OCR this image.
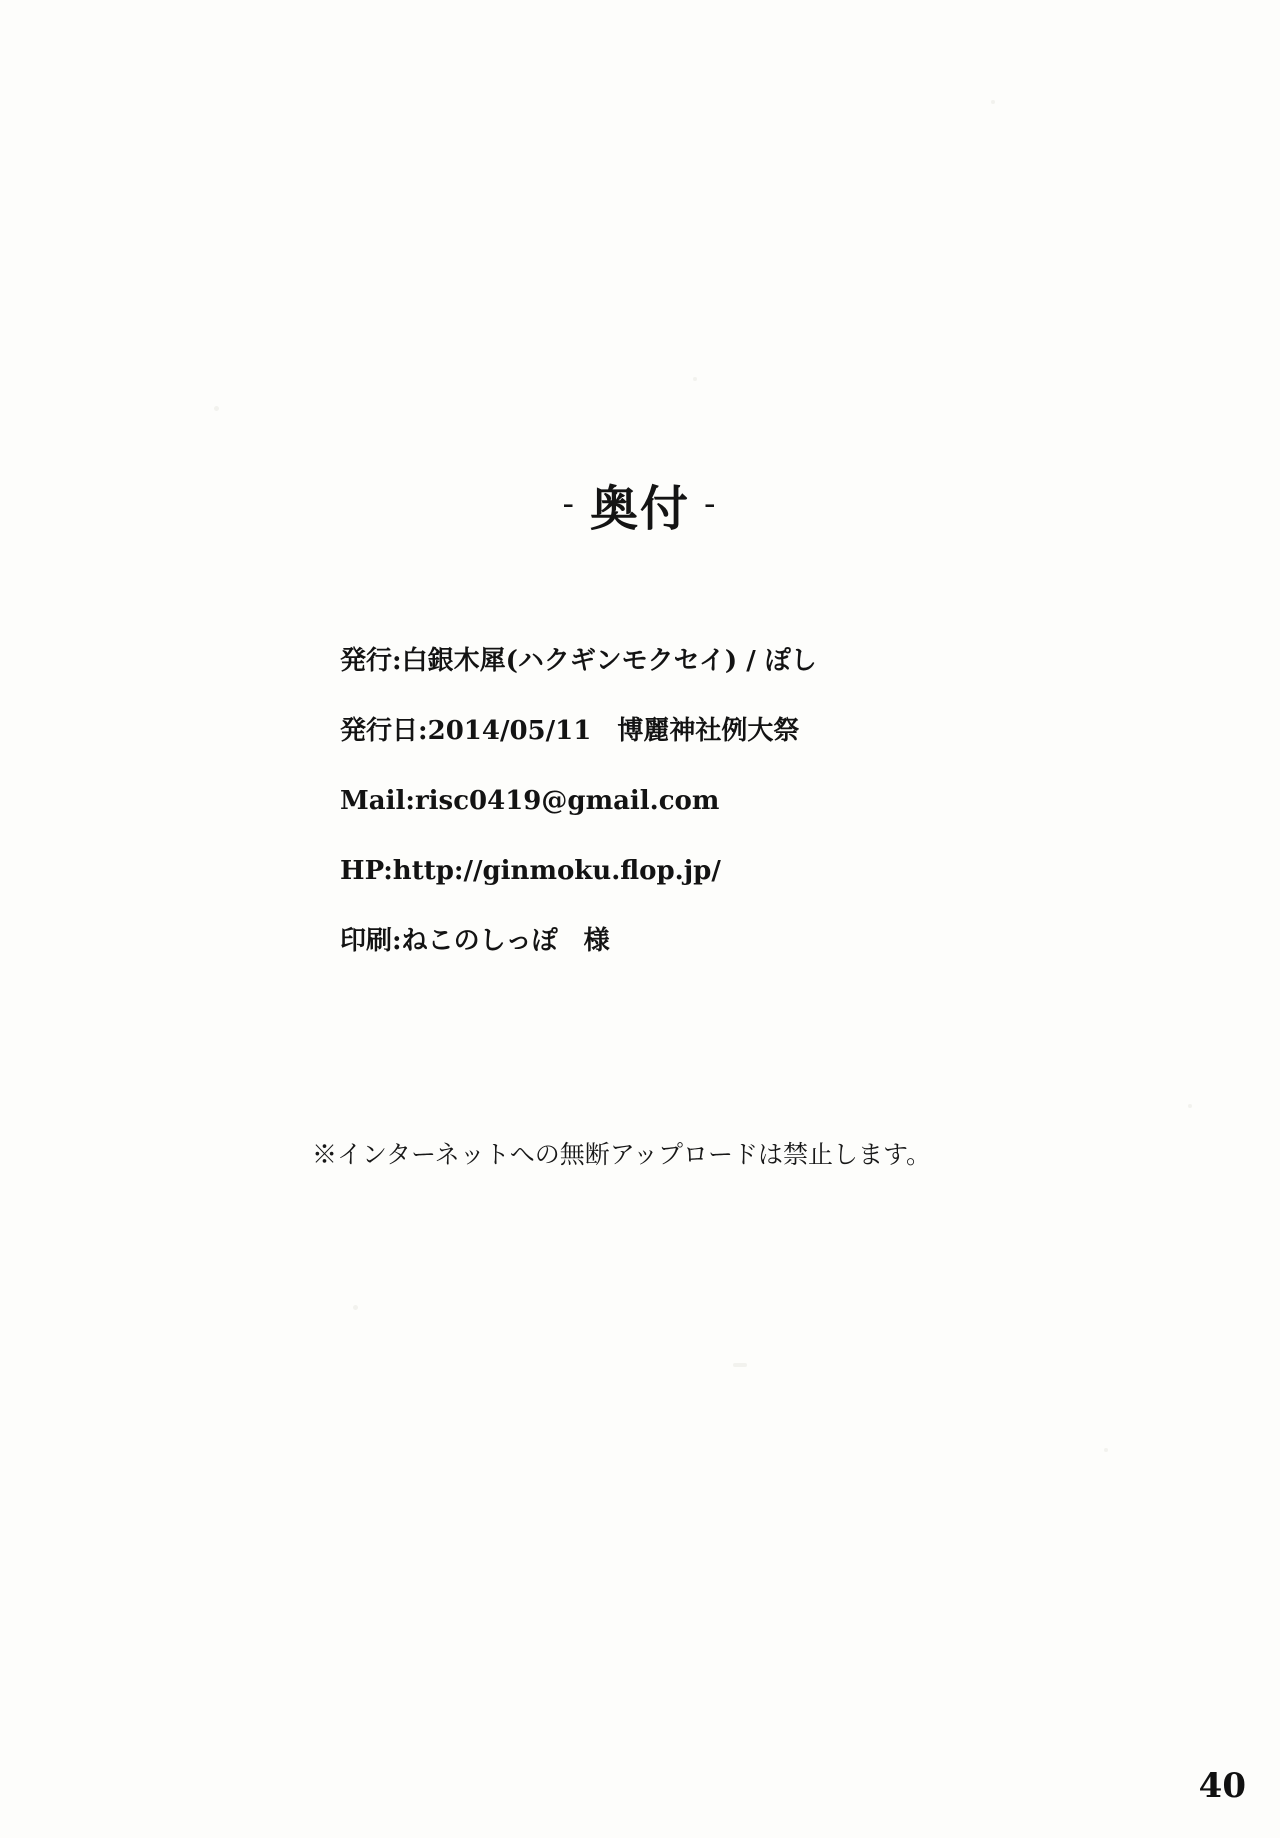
- 奥付 -
発行:白銀木犀(ハクギンモクセイ) / ぽし
発行日:2014/05/11　博麗神社例大祭
Mail:risc0419@gmail.com
HP:http://ginmoku.flop.jp/
印刷:ねこのしっぽ　様
※インターネットへの無断アップロードは禁止します。
40
